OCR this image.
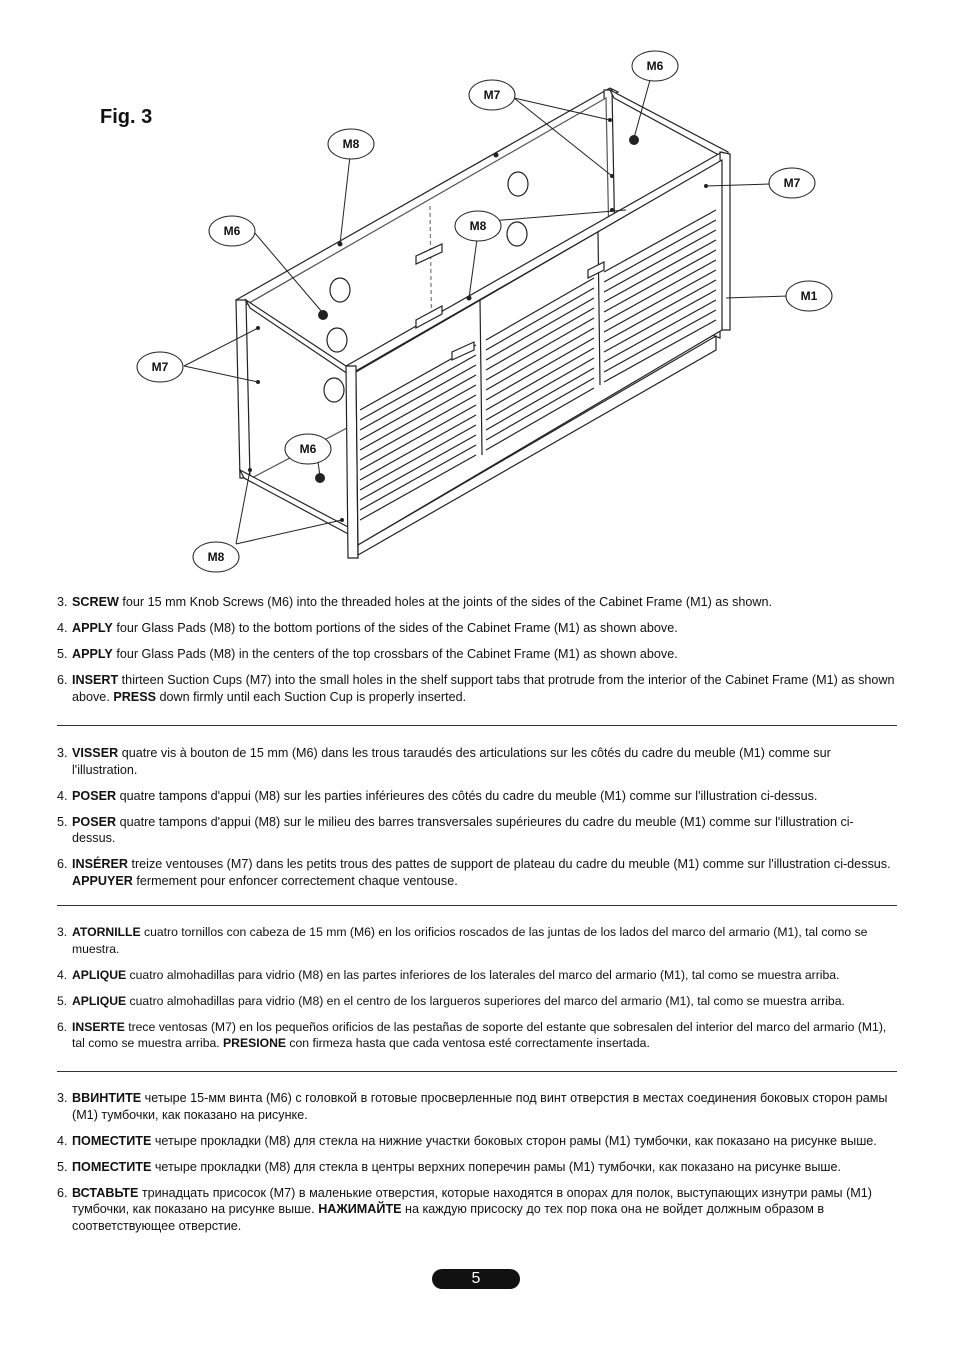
Fig. 3
M6
M7
M8
M6
M7
M8
M1
M7
M6
M8
3. SCREW four 15 mm Knob Screws (M6) into the threaded holes at the joints of the sides of the Cabinet Frame (M1) as shown.
4. APPLY four Glass Pads (M8) to the bottom portions of the sides of the Cabinet Frame (M1) as shown above.
5. APPLY four Glass Pads (M8) in the centers of the top crossbars of the Cabinet Frame (M1) as shown above.
6. INSERT thirteen Suction Cups (M7) into the small holes in the shelf support tabs that protrude from the interior of the Cabinet Frame (M1) as shown above. PRESS down firmly until each Suction Cup is properly inserted.
3. VISSER quatre vis à bouton de 15 mm (M6) dans les trous taraudés des articulations sur les côtés du cadre du meuble (M1) comme sur l'illustration.
4. POSER quatre tampons d'appui (M8) sur les parties inférieures des côtés du cadre du meuble (M1) comme sur l'illustration ci-dessus.
5. POSER quatre tampons d'appui (M8) sur le milieu des barres transversales supérieures du cadre du meuble (M1) comme sur l'illustration ci-dessus.
6. INSÉRER treize ventouses (M7) dans les petits trous des pattes de support de plateau du cadre du meuble (M1) comme sur l'illustration ci-dessus. APPUYER fermement pour enfoncer correctement chaque ventouse.
3. ATORNILLE cuatro tornillos con cabeza de 15 mm (M6) en los orificios roscados de las juntas de los lados del marco del armario (M1), tal como se muestra.
4. APLIQUE cuatro almohadillas para vidrio (M8) en las partes inferiores de los laterales del marco del armario (M1), tal como se muestra arriba.
5. APLIQUE cuatro almohadillas para vidrio (M8) en el centro de los largueros superiores del marco del armario (M1), tal como se muestra arriba.
6. INSERTE trece ventosas (M7) en los pequeños orificios de las pestañas de soporte del estante que sobresalen del interior del marco del armario (M1), tal como se muestra arriba. PRESIONE con firmeza hasta que cada ventosa esté correctamente insertada.
3. ВВИНТИТЕ четыре 15-мм винта (M6) с головкой в готовые просверленные под винт отверстия в местах соединения боковых сторон рамы (M1) тумбочки, как показано на рисунке.
4. ПОМЕСТИТЕ четыре прокладки (M8) для стекла на нижние участки боковых сторон рамы (M1) тумбочки, как показано на рисунке выше.
5. ПОМЕСТИТЕ четыре прокладки (M8) для стекла в центры верхних поперечин рамы (M1) тумбочки, как показано на рисунке выше.
6. ВСТАВЬТЕ тринадцать присосок (M7) в маленькие отверстия, которые находятся в опорах для полок, выступающих изнутри рамы (M1) тумбочки, как показано на рисунке выше. НАЖИМАЙТЕ на каждую присоску до тех пор пока она не войдет должным образом в соответствующее отверстие.
5
